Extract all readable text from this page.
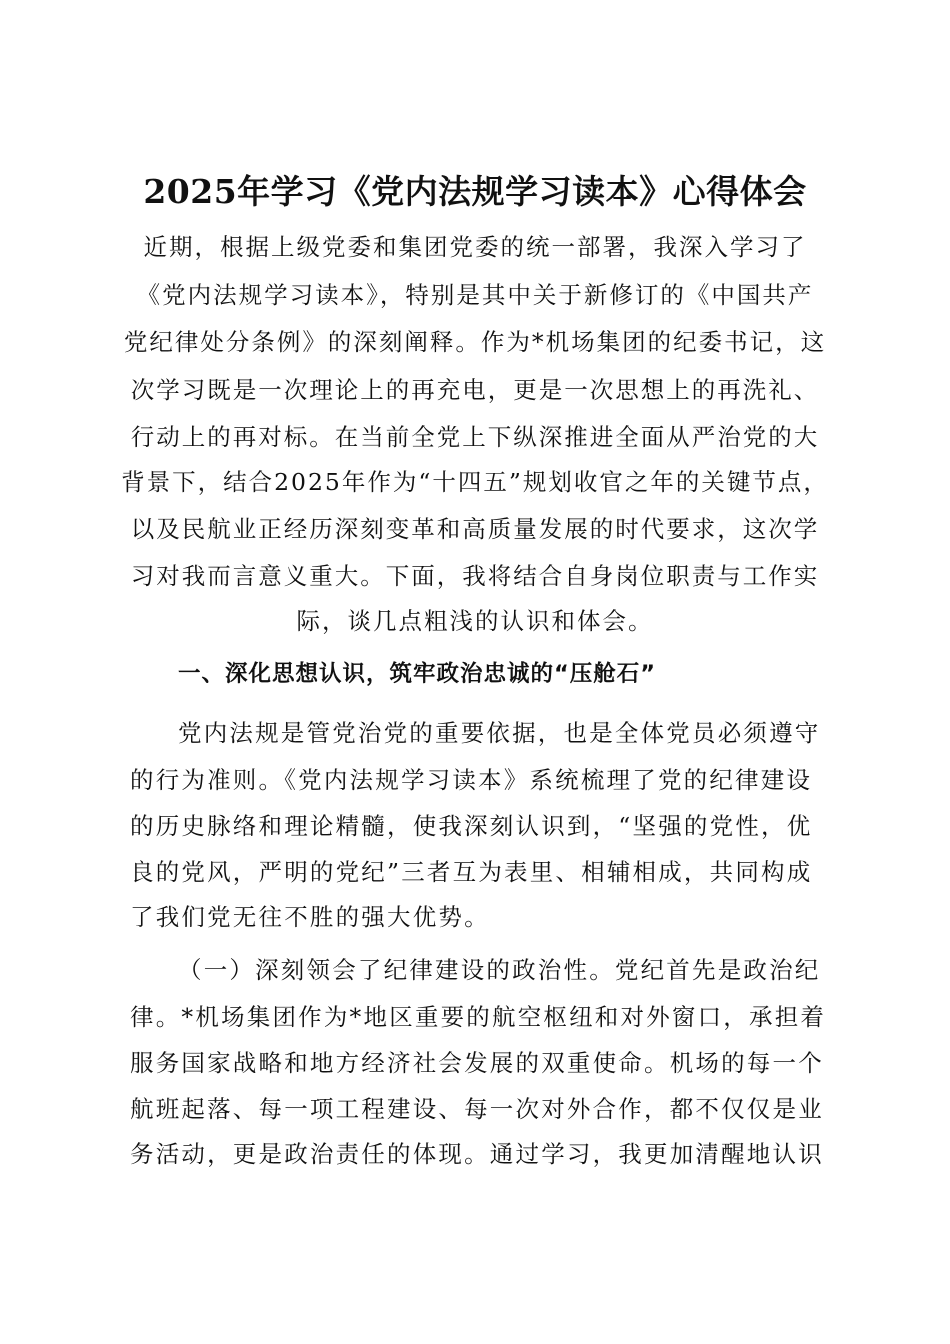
2025年学习《党内法规学习读本》心得体会
近期，根据上级党委和集团党委的统一部署，我深入学习了
《党内法规学习读本》，特别是其中关于新修订的《中国共产
党纪律处分条例》的深刻阐释。作为*机场集团的纪委书记，这
次学习既是一次理论上的再充电，更是一次思想上的再洗礼、
行动上的再对标。在当前全党上下纵深推进全面从严治党的大
背景下，结合2025年作为“十四五”规划收官之年的关键节点，
以及民航业正经历深刻变革和高质量发展的时代要求，这次学
习对我而言意义重大。下面，我将结合自身岗位职责与工作实
际，谈几点粗浅的认识和体会。
一、深化思想认识，筑牢政治忠诚的“压舱石”
党内法规是管党治党的重要依据，也是全体党员必须遵守
的行为准则。《党内法规学习读本》系统梳理了党的纪律建设
的历史脉络和理论精髓，使我深刻认识到，“坚强的党性，优
良的党风，严明的党纪”三者互为表里、相辅相成，共同构成
了我们党无往不胜的强大优势。
（一）深刻领会了纪律建设的政治性。党纪首先是政治纪
律。*机场集团作为*地区重要的航空枢纽和对外窗口，承担着
服务国家战略和地方经济社会发展的双重使命。机场的每一个
航班起落、每一项工程建设、每一次对外合作，都不仅仅是业
务活动，更是政治责任的体现。通过学习，我更加清醒地认识
